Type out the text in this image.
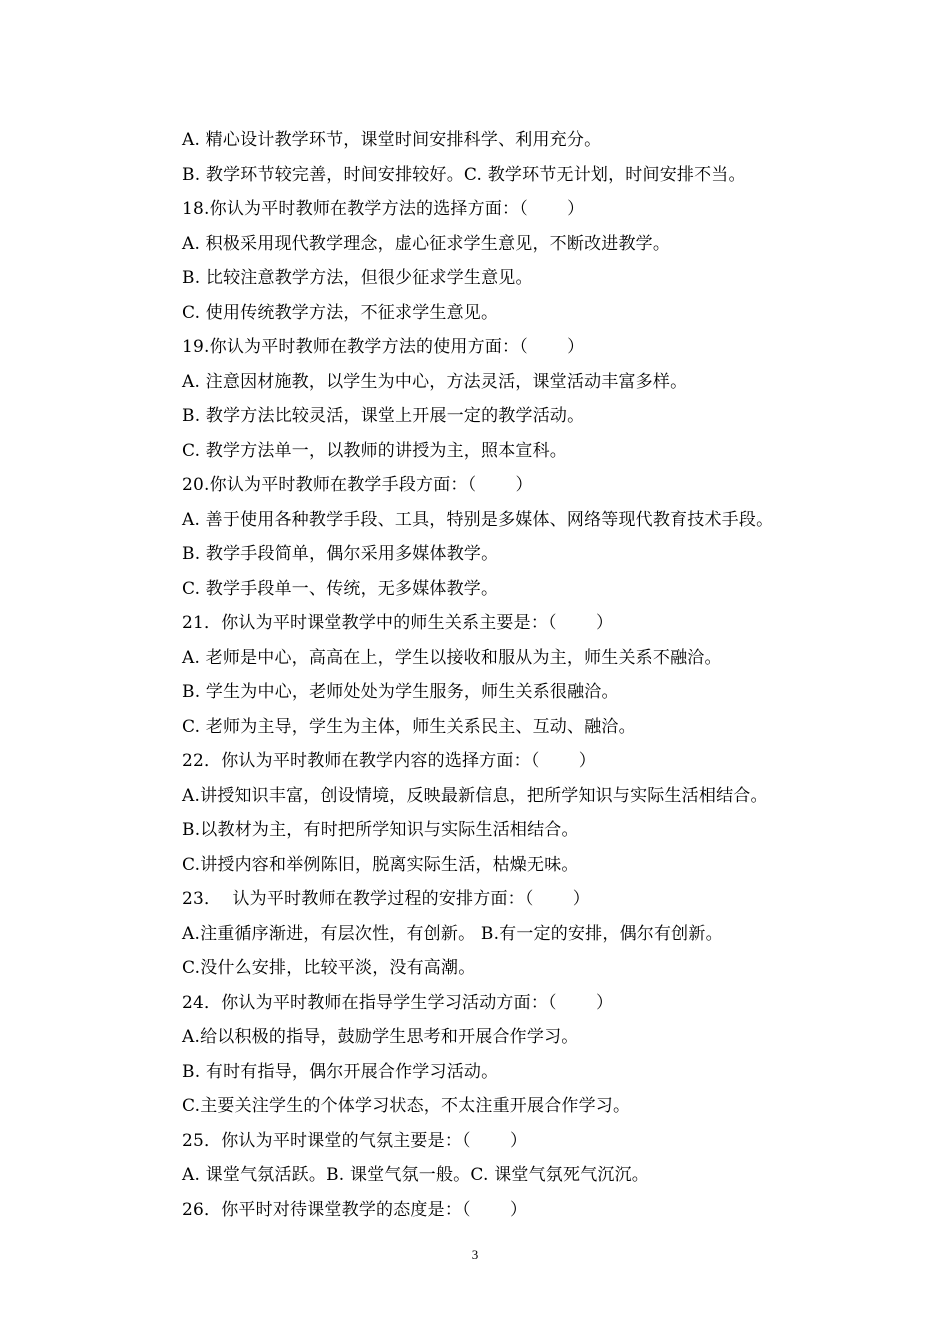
A. 精心设计教学环节，课堂时间安排科学、利用充分。
B. 教学环节较完善，时间安排较好。C. 教学环节无计划，时间安排不当。
18.你认为平时教师在教学方法的选择方面：（       ）
A. 积极采用现代教学理念，虚心征求学生意见，不断改进教学。
B. 比较注意教学方法，但很少征求学生意见。
C. 使用传统教学方法，不征求学生意见。
19.你认为平时教师在教学方法的使用方面：（       ）
A. 注意因材施教，以学生为中心，方法灵活，课堂活动丰富多样。
B. 教学方法比较灵活，课堂上开展一定的教学活动。
C. 教学方法单一，以教师的讲授为主，照本宣科。
20.你认为平时教师在教学手段方面：（       ）
A. 善于使用各种教学手段、工具，特别是多媒体、网络等现代教育技术手段。
B. 教学手段简单，偶尔采用多媒体教学。
C. 教学手段单一、传统，无多媒体教学。
21．你认为平时课堂教学中的师生关系主要是：（       ）
A. 老师是中心，高高在上，学生以接收和服从为主，师生关系不融洽。
B. 学生为中心，老师处处为学生服务，师生关系很融洽。
C. 老师为主导，学生为主体，师生关系民主、互动、融洽。
22．你认为平时教师在教学内容的选择方面：（       ）
A.讲授知识丰富，创设情境，反映最新信息，把所学知识与实际生活相结合。
B.以教材为主，有时把所学知识与实际生活相结合。
C.讲授内容和举例陈旧，脱离实际生活，枯燥无味。
23．  认为平时教师在教学过程的安排方面：（       ）
A.注重循序渐进，有层次性，有创新。 B.有一定的安排，偶尔有创新。
C.没什么安排，比较平淡，没有高潮。
24．你认为平时教师在指导学生学习活动方面：（       ）
A.给以积极的指导，鼓励学生思考和开展合作学习。
B. 有时有指导，偶尔开展合作学习活动。
C.主要关注学生的个体学习状态，不太注重开展合作学习。
25．你认为平时课堂的气氛主要是：（       ）
A. 课堂气氛活跃。B. 课堂气氛一般。C. 课堂气氛死气沉沉。
26．你平时对待课堂教学的态度是：（       ）
3
